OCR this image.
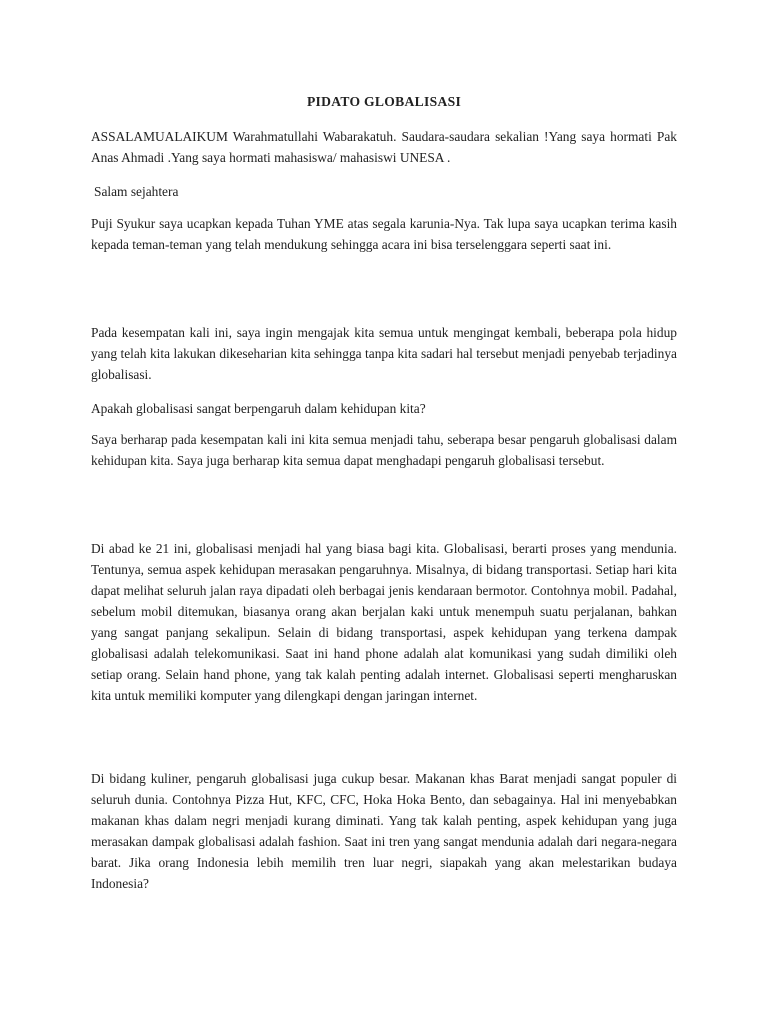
PIDATO GLOBALISASI

ASSALAMUALAIKUM Warahmatullahi Wabarakatuh. Saudara-saudara sekalian !Yang saya hormati Pak Anas Ahmadi .Yang saya hormati mahasiswa/ mahasiswi UNESA .

Salam sejahtera

Puji Syukur saya ucapkan kepada Tuhan YME atas segala karunia-Nya. Tak lupa saya ucapkan terima kasih kepada teman-teman yang telah mendukung sehingga acara ini bisa terselenggara seperti saat ini.

Pada kesempatan kali ini, saya ingin mengajak kita semua untuk mengingat kembali, beberapa pola hidup yang telah kita lakukan dikeseharian kita sehingga tanpa kita sadari hal tersebut menjadi penyebab terjadinya globalisasi.

Apakah globalisasi sangat berpengaruh dalam kehidupan kita?

Saya berharap pada kesempatan kali ini kita semua menjadi tahu, seberapa besar pengaruh globalisasi dalam kehidupan kita. Saya juga berharap kita semua dapat menghadapi pengaruh globalisasi tersebut.

Di abad ke 21 ini, globalisasi menjadi hal yang biasa bagi kita. Globalisasi, berarti proses yang mendunia. Tentunya, semua aspek kehidupan merasakan pengaruhnya. Misalnya, di bidang transportasi. Setiap hari kita dapat melihat seluruh jalan raya dipadati oleh berbagai jenis kendaraan bermotor. Contohnya mobil. Padahal, sebelum mobil ditemukan, biasanya orang akan berjalan kaki untuk menempuh suatu perjalanan, bahkan yang sangat panjang sekalipun. Selain di bidang transportasi, aspek kehidupan yang terkena dampak globalisasi adalah telekomunikasi. Saat ini hand phone adalah alat komunikasi yang sudah dimiliki oleh setiap orang. Selain hand phone, yang tak kalah penting adalah internet. Globalisasi seperti mengharuskan kita untuk memiliki komputer yang dilengkapi dengan jaringan internet.

Di bidang kuliner, pengaruh globalisasi juga cukup besar. Makanan khas Barat menjadi sangat populer di seluruh dunia. Contohnya Pizza Hut, KFC, CFC, Hoka Hoka Bento, dan sebagainya. Hal ini menyebabkan makanan khas dalam negri menjadi kurang diminati. Yang tak kalah penting, aspek kehidupan yang juga merasakan dampak globalisasi adalah fashion. Saat ini tren yang sangat mendunia adalah dari negara-negara barat. Jika orang Indonesia lebih memilih tren luar negri, siapakah yang akan melestarikan budaya Indonesia?
